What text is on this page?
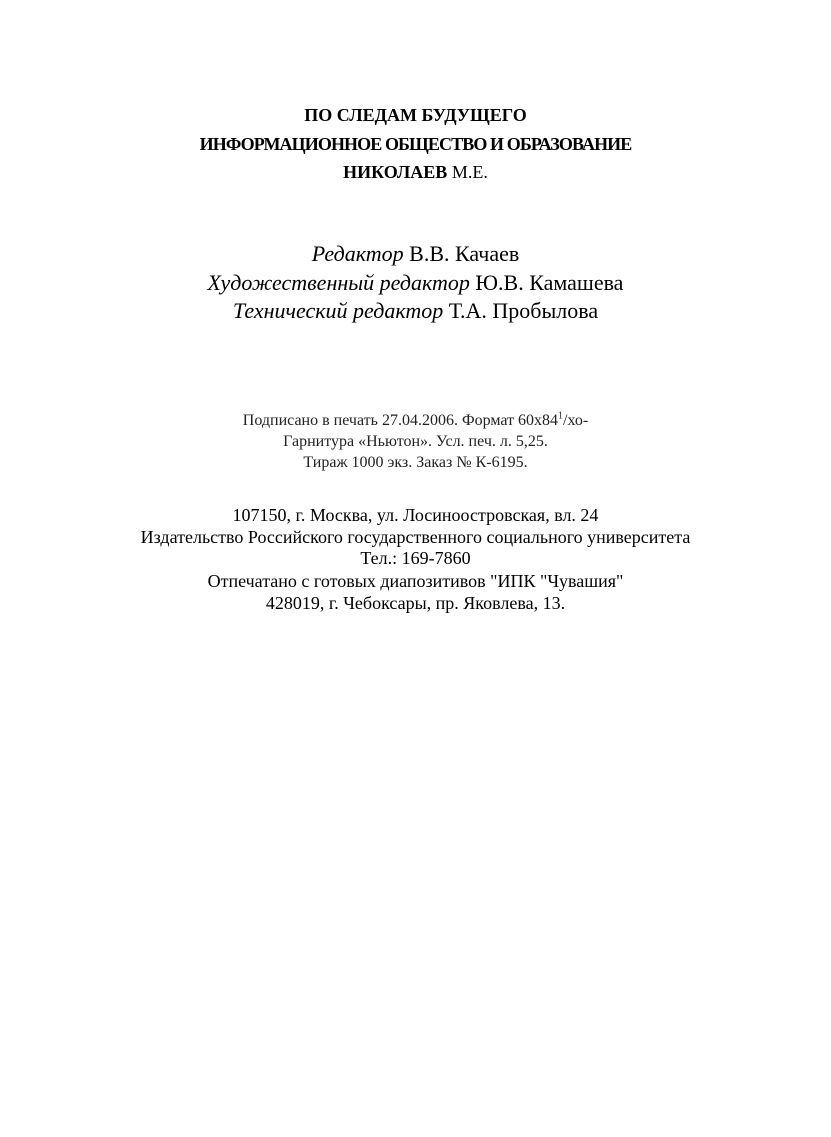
ПО СЛЕДАМ БУДУЩЕГО
ИНФОРМАЦИОННОЕ ОБЩЕСТВО И ОБРАЗОВАНИЕ
НИКОЛАЕВ М.Е.
Редактор В.В. Качаев
Художественный редактор Ю.В. Камашева
Технический редактор Т.А. Пробылова
Подписано в печать 27.04.2006. Формат $60х84^1/хо-$
Гарнитура «Ньютон». Усл. печ. л. 5,25.
Тираж 1000 экз. Заказ № К-6195.
107150, г. Москва, ул. Лосиноостровская, вл. 24
Издательство Российского государственного социального университета
Тел.: 169-7860
Отпечатано с готовых диапозитивов "ИПК "Чувашия"
428019, г. Чебоксары, пр. Яковлева, 13.
